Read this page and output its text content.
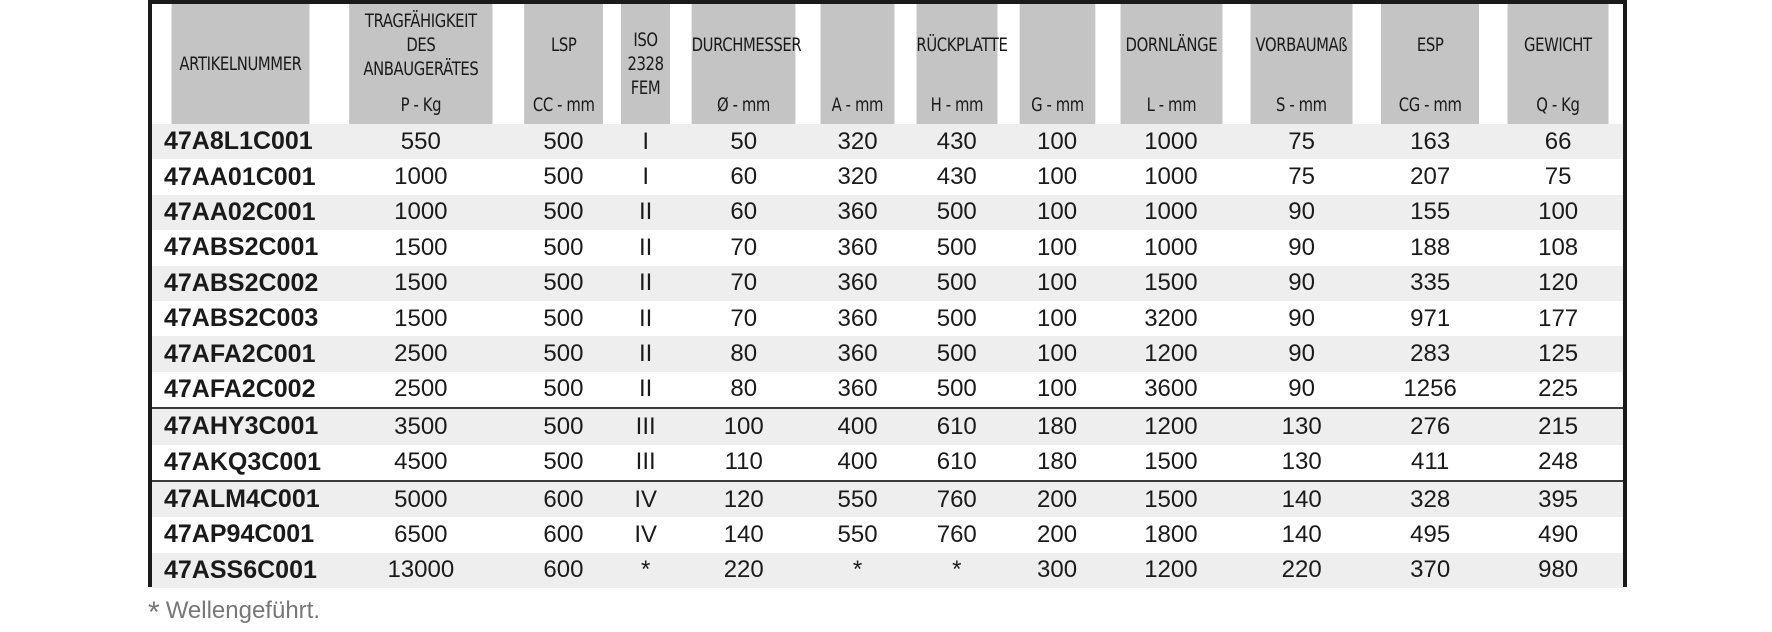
ARTIKELNUMMER	TRAGFÄHIGKEIT DES ANBAUGERÄTES	LSP	ISO 2328 FEM	DURCHMESSER		RÜCKPLATTE		DORNLÄNGE	VORBAUMAß	ESP	GEWICHT

	P - Kg	CC - mm		Ø - mm	A - mm	H - mm	G - mm	L - mm	S - mm	CG - mm	Q - Kg
47A8L1C001	550	500	I	50	320	430	100	1000	75	163	66
47AA01C001	1000	500	I	60	320	430	100	1000	75	207	75
47AA02C001	1000	500	II	60	360	500	100	1000	90	155	100
47ABS2C001	1500	500	II	70	360	500	100	1000	90	188	108
47ABS2C002	1500	500	II	70	360	500	100	1500	90	335	120
47ABS2C003	1500	500	II	70	360	500	100	3200	90	971	177
47AFA2C001	2500	500	II	80	360	500	100	1200	90	283	125
47AFA2C002	2500	500	II	80	360	500	100	3600	90	1256	225
47AHY3C001	3500	500	III	100	400	610	180	1200	130	276	215
47AKQ3C001	4500	500	III	110	400	610	180	1500	130	411	248
47ALM4C001	5000	600	IV	120	550	760	200	1500	140	328	395
47AP94C001	6500	600	IV	140	550	760	200	1800	140	495	490
47ASS6C001	13000	600	*	220	*	*	300	1200	220	370	980
* Wellengeführt.
